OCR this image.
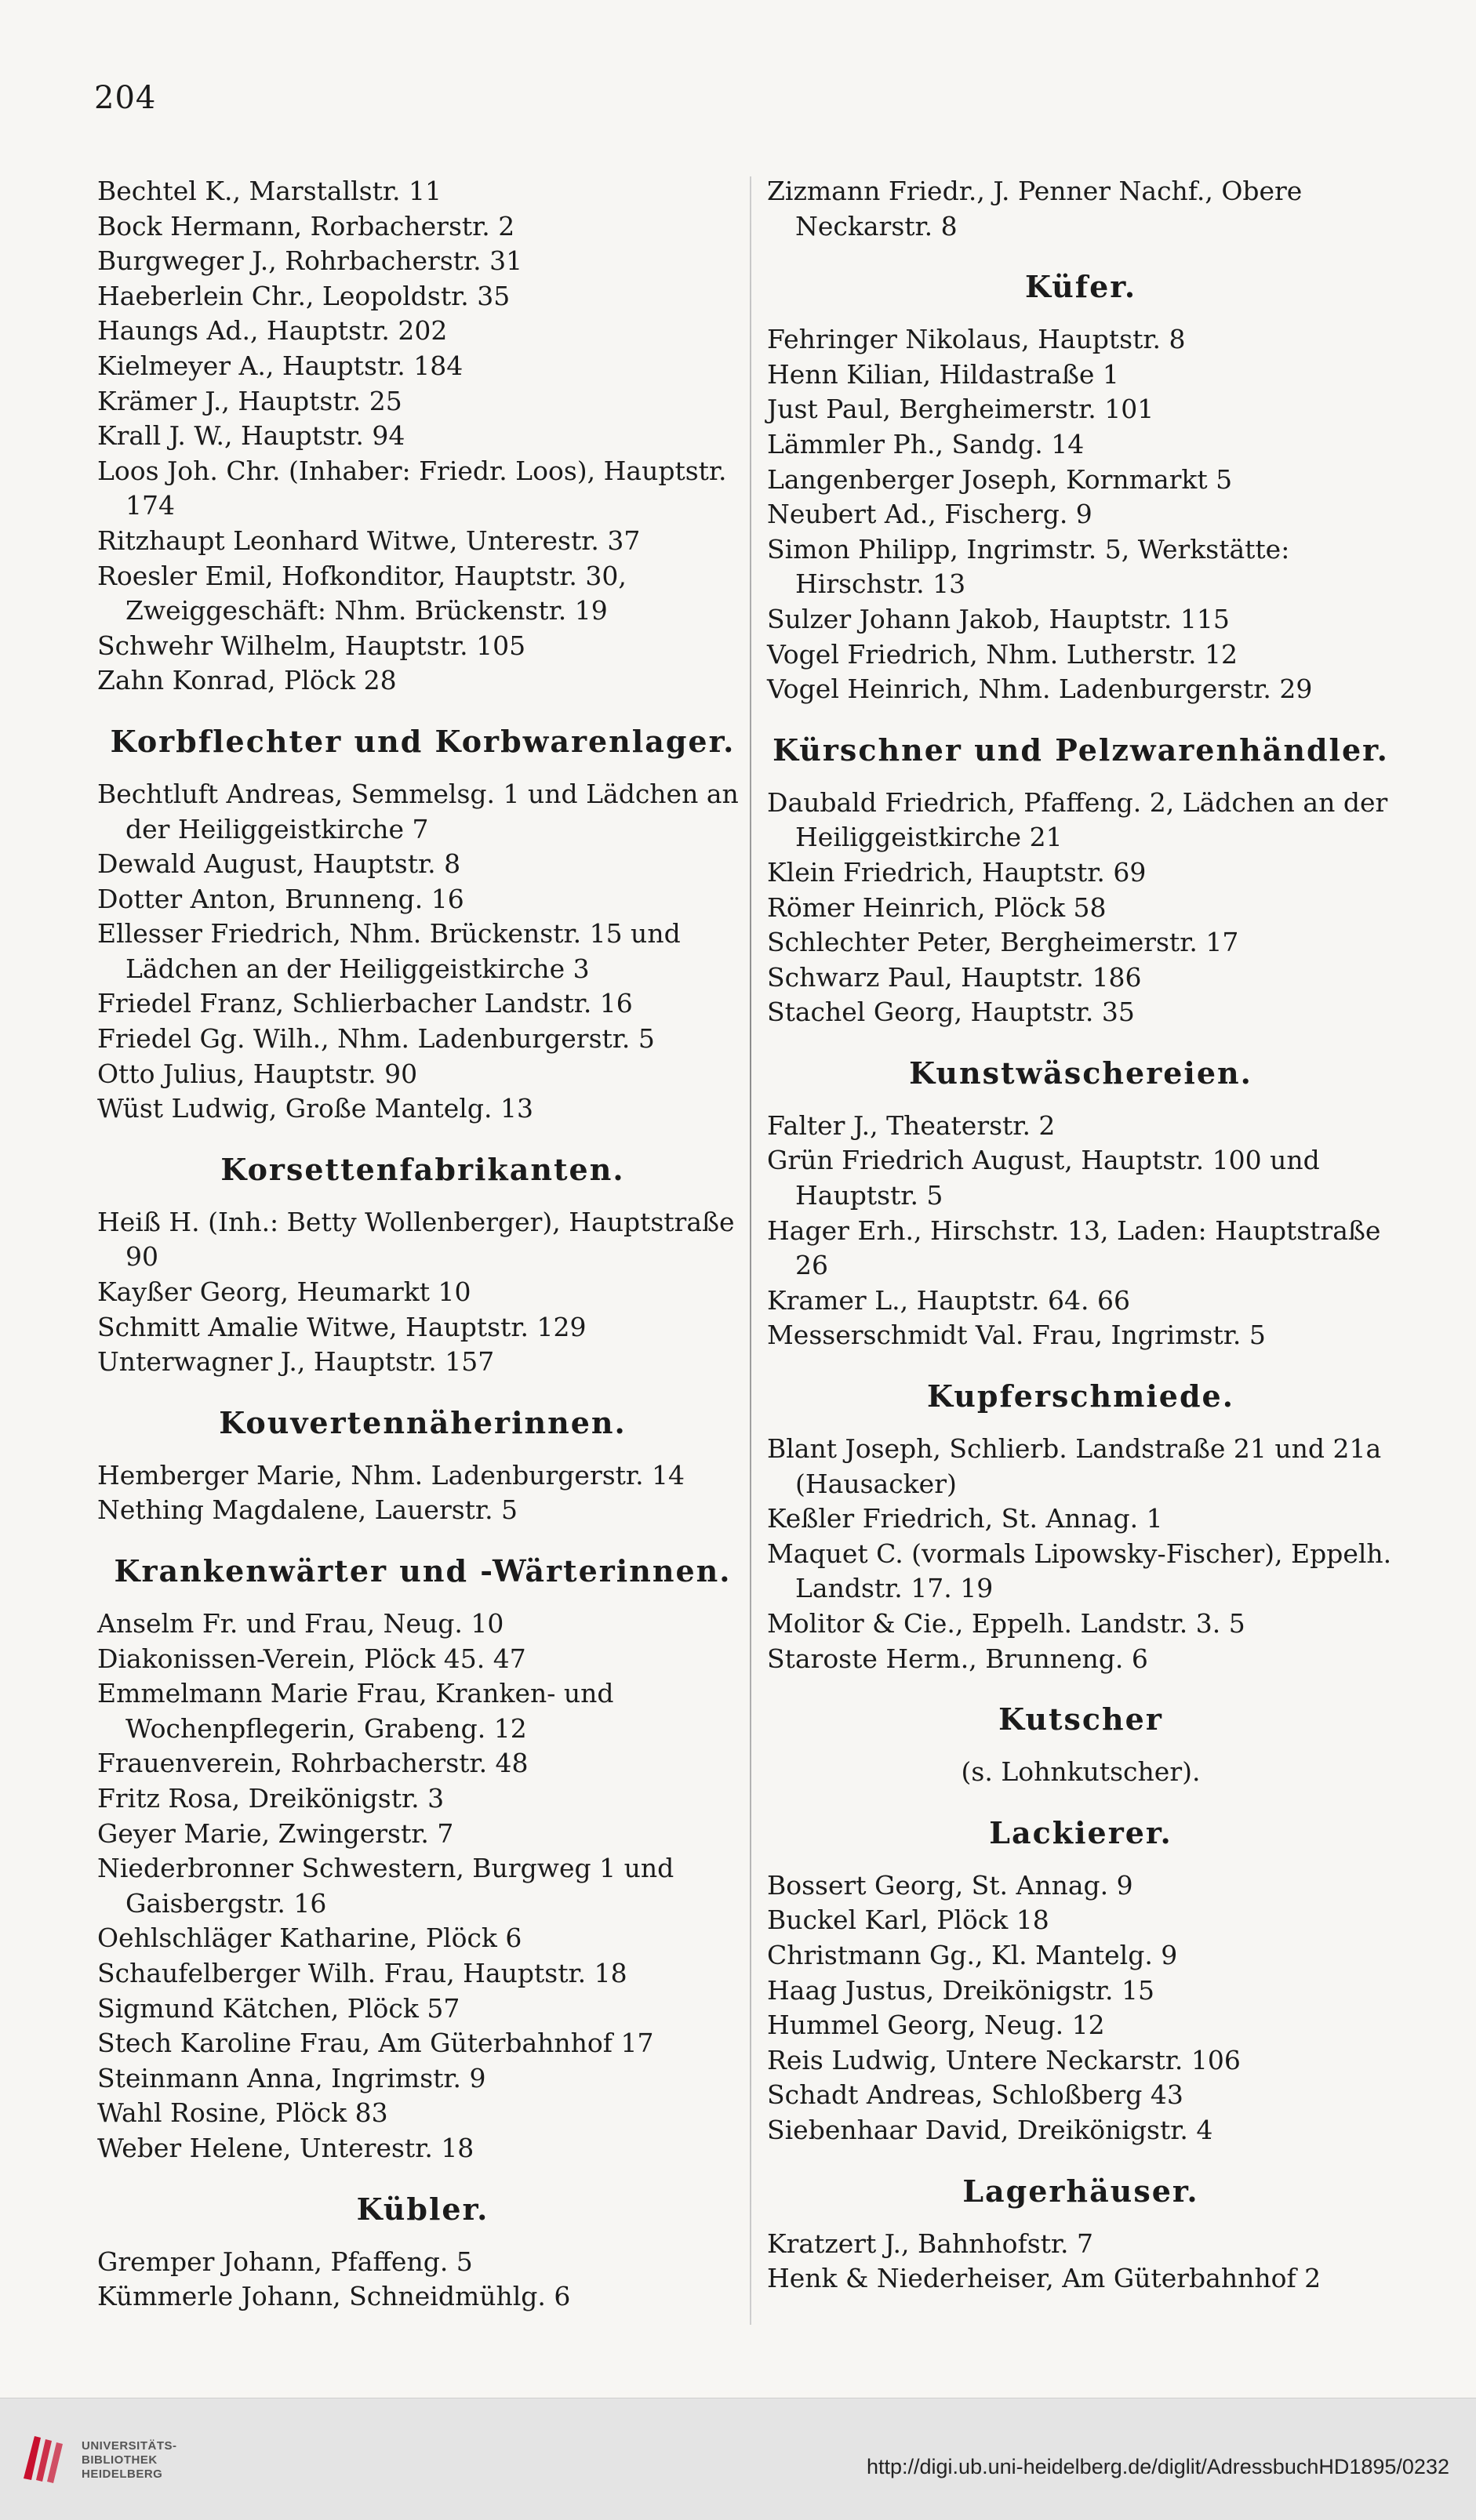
204
Bechtel K., Marstallstr. 11
Bock Hermann, Rorbacherstr. 2
Burgweger J., Rohrbacherstr. 31
Haeberlein Chr., Leopoldstr. 35
Haungs Ad., Hauptstr. 202
Kielmeyer A., Hauptstr. 184
Krämer J., Hauptstr. 25
Krall J. W., Hauptstr. 94
Loos Joh. Chr. (Inhaber: Friedr. Loos), Hauptstr. 174
Ritzhaupt Leonhard Witwe, Unterestr. 37
Roesler Emil, Hofkonditor, Hauptstr. 30, Zweiggeschäft: Nhm. Brückenstr. 19
Schwehr Wilhelm, Hauptstr. 105
Zahn Konrad, Plöck 28
Korbflechter und Korbwarenlager.
Bechtluft Andreas, Semmelsg. 1 und Lädchen an der Heiliggeistkirche 7
Dewald August, Hauptstr. 8
Dotter Anton, Brunneng. 16
Ellesser Friedrich, Nhm. Brückenstr. 15 und Lädchen an der Heiliggeistkirche 3
Friedel Franz, Schlierbacher Landstr. 16
Friedel Gg. Wilh., Nhm. Ladenburgerstr. 5
Otto Julius, Hauptstr. 90
Wüst Ludwig, Große Mantelg. 13
Korsettenfabrikanten.
Heiß H. (Inh.: Betty Wollenberger), Hauptstraße 90
Kayßer Georg, Heumarkt 10
Schmitt Amalie Witwe, Hauptstr. 129
Unterwagner J., Hauptstr. 157
Kouvertennäherinnen.
Hemberger Marie, Nhm. Ladenburgerstr. 14
Nething Magdalene, Lauerstr. 5
Krankenwärter und -Wärterinnen.
Anselm Fr. und Frau, Neug. 10
Diakonissen-Verein, Plöck 45. 47
Emmelmann Marie Frau, Kranken- und Wochenpflegerin, Grabeng. 12
Frauenverein, Rohrbacherstr. 48
Fritz Rosa, Dreikönigstr. 3
Geyer Marie, Zwingerstr. 7
Niederbronner Schwestern, Burgweg 1 und Gaisbergstr. 16
Oehlschläger Katharine, Plöck 6
Schaufelberger Wilh. Frau, Hauptstr. 18
Sigmund Kätchen, Plöck 57
Stech Karoline Frau, Am Güterbahnhof 17
Steinmann Anna, Ingrimstr. 9
Wahl Rosine, Plöck 83
Weber Helene, Unterestr. 18
Kübler.
Gremper Johann, Pfaffeng. 5
Kümmerle Johann, Schneidmühlg. 6
Zizmann Friedr., J. Penner Nachf., Obere Neckarstr. 8
Küfer.
Fehringer Nikolaus, Hauptstr. 8
Henn Kilian, Hildastraße 1
Just Paul, Bergheimerstr. 101
Lämmler Ph., Sandg. 14
Langenberger Joseph, Kornmarkt 5
Neubert Ad., Fischerg. 9
Simon Philipp, Ingrimstr. 5, Werkstätte: Hirschstr. 13
Sulzer Johann Jakob, Hauptstr. 115
Vogel Friedrich, Nhm. Lutherstr. 12
Vogel Heinrich, Nhm. Ladenburgerstr. 29
Kürschner und Pelzwarenhändler.
Daubald Friedrich, Pfaffeng. 2, Lädchen an der Heiliggeistkirche 21
Klein Friedrich, Hauptstr. 69
Römer Heinrich, Plöck 58
Schlechter Peter, Bergheimerstr. 17
Schwarz Paul, Hauptstr. 186
Stachel Georg, Hauptstr. 35
Kunstwäschereien.
Falter J., Theaterstr. 2
Grün Friedrich August, Hauptstr. 100 und Hauptstr. 5
Hager Erh., Hirschstr. 13, Laden: Hauptstraße 26
Kramer L., Hauptstr. 64. 66
Messerschmidt Val. Frau, Ingrimstr. 5
Kupferschmiede.
Blant Joseph, Schlierb. Landstraße 21 und 21a (Hausacker)
Keßler Friedrich, St. Annag. 1
Maquet C. (vormals Lipowsky-Fischer), Eppelh. Landstr. 17. 19
Molitor & Cie., Eppelh. Landstr. 3. 5
Staroste Herm., Brunneng. 6
Kutscher
(s. Lohnkutscher).
Lackierer.
Bossert Georg, St. Annag. 9
Buckel Karl, Plöck 18
Christmann Gg., Kl. Mantelg. 9
Haag Justus, Dreikönigstr. 15
Hummel Georg, Neug. 12
Reis Ludwig, Untere Neckarstr. 106
Schadt Andreas, Schloßberg 43
Siebenhaar David, Dreikönigstr. 4
Lagerhäuser.
Kratzert J., Bahnhofstr. 7
Henk & Niederheiser, Am Güterbahnhof 2
UNIVERSITÄTS-
BIBLIOTHEK
HEIDELBERG	http://digi.ub.uni-heidelberg.de/diglit/AdressbuchHD1895/0232
